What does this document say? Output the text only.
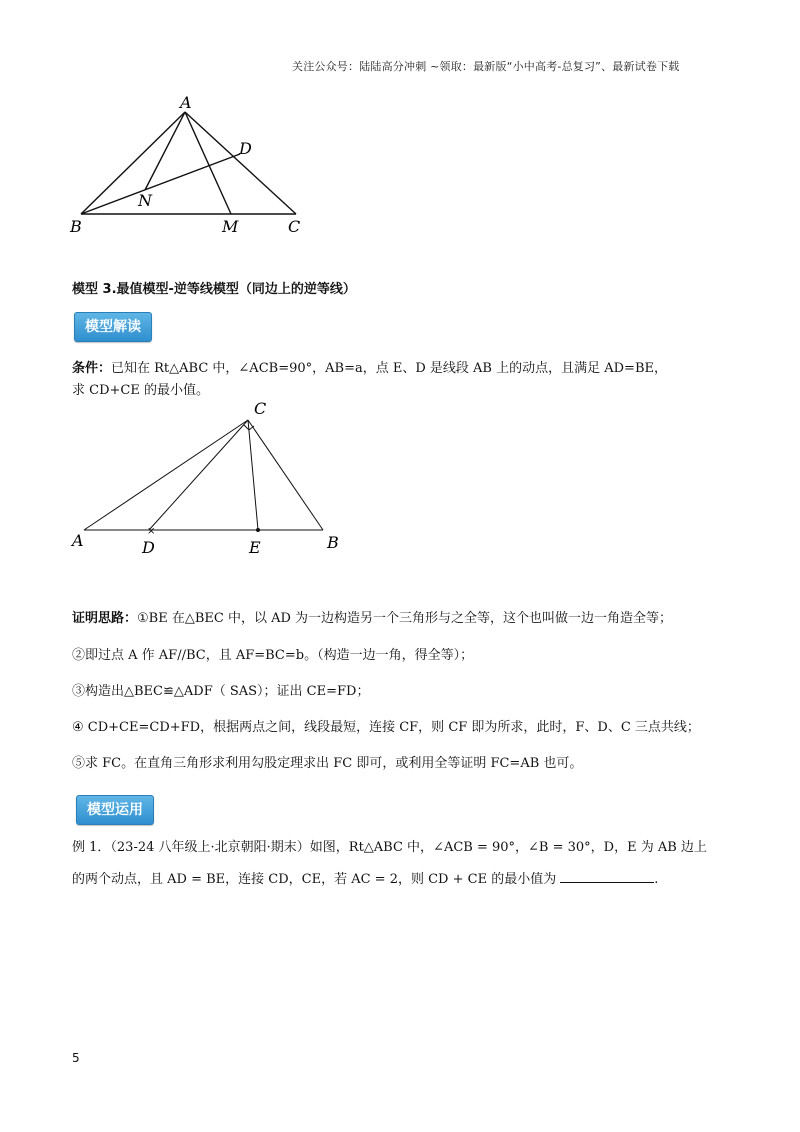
关注公众号：陆陆高分冲刺 ~领取：最新版“小中高考-总复习”、最新试卷下载
A
B	C
D
M
N
模型 3.最值模型-逆等线模型（同边上的逆等线）
模型解读
条件：已知在 Rt△ABC 中，∠ACB=90°，AB=a，点 E、D 是线段 AB 上的动点，且满足 AD=BE，
求 CD+CE 的最小值。
×
C
A	D	E	B
证明思路：①BE 在△BEC 中，以 AD 为一边构造另一个三角形与之全等，这个也叫做一边一角造全等；
②即过点 A 作 AF//BC，且 AF=BC=b。（构造一边一角，得全等）；
③构造出△BEC≌△ADF（ SAS）；证出 CE=FD；
④ CD+CE=CD+FD，根据两点之间，线段最短，连接 CF，则 CF 即为所求，此时，F、D、C 三点共线；
⑤求 FC。在直角三角形求利用勾股定理求出 FC 即可，或利用全等证明 FC=AB 也可。
模型运用
例 1．（23-24 八年级上·北京朝阳·期末）如图，Rt△ABC 中，∠ACB = 90°，∠B = 30°，D，E 为 AB 边上
的两个动点，且 AD = BE，连接 CD，CE，若 AC = 2，则 CD + CE 的最小值为	.
5
